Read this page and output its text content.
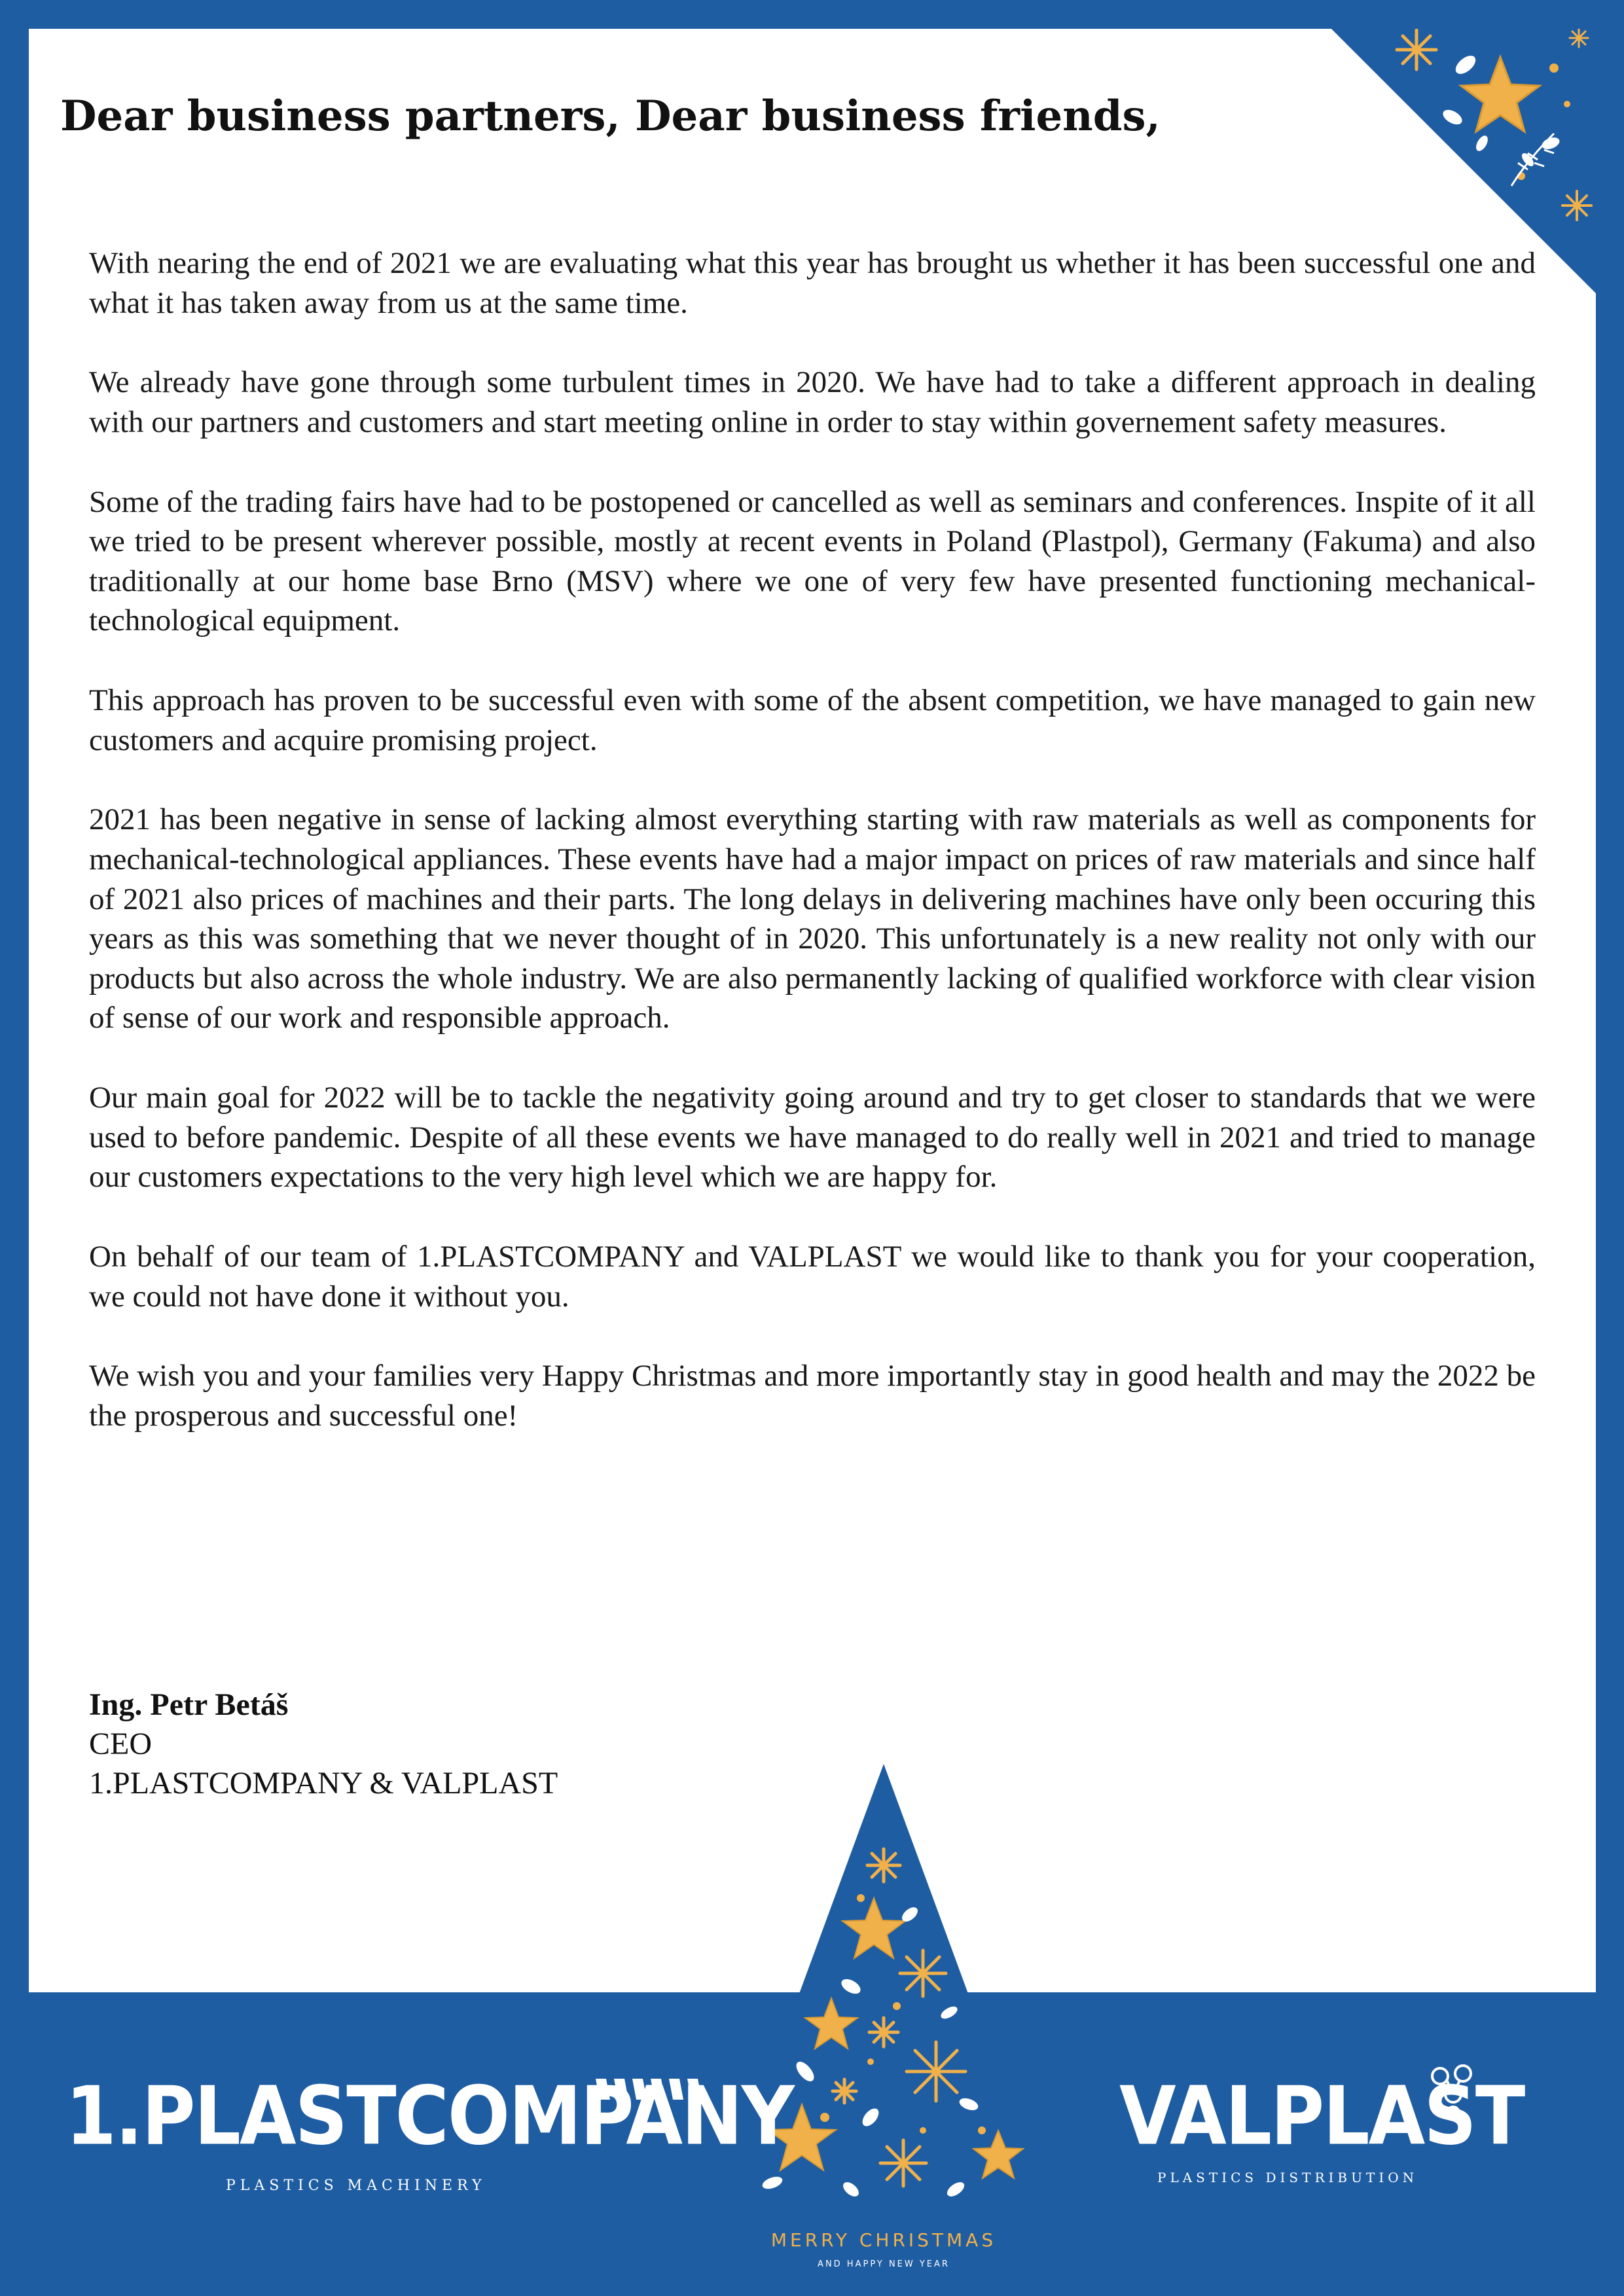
Dear business partners, Dear business friends,

With nearing the end of 2021 we are evaluating what this year has brought us whether it has been successful one and what it has taken away from us at the same time.

We already have gone through some turbulent times in 2020. We have had to take a different approach in dealing with our partners and customers and start meeting online in order to stay within governement safety measures.

Some of the trading fairs have had to be postopened or cancelled as well as seminars and conferences. Inspite of it all we tried to be present wherever possible, mostly at recent events in Poland (Plastpol), Germany (Fakuma) and also traditionally at our home base Brno (MSV) where we one of very few have presented functioning mechanical-technological equipment.

This approach has proven to be successful even with some of the absent competition, we have managed to gain new customers and acquire promising project.

2021 has been negative in sense of lacking almost everything starting with raw materials as well as components for mechanical-technological appliances. These events have had a major impact on prices of raw materials and since half of 2021 also prices of machines and their parts. The long delays in delivering machines have only been occuring this years as this was something that we never thought of in 2020. This unfortunately is a new reality not only with our products but also across the whole industry. We are also permanently lacking of qualified workforce with clear vision of sense of our work and responsible approach.

Our main goal for 2022 will be to tackle the negativity going around and try to get closer to standards that we were used to before pandemic. Despite of all these events we have managed to do really well in 2021 and tried to manage our customers expectations to the very high level which we are happy for.

On behalf of our team of 1.PLASTCOMPANY and VALPLAST we would like to thank you for your cooperation, we could not have done it without you.

We wish you and your families very Happy Christmas and more importantly stay in good health and may the 2022 be the prosperous and successful one!

Ing. Petr Betáš
CEO
1.PLASTCOMPANY & VALPLAST
MERRY CHRISTMAS
AND HAPPY NEW YEAR
1.PLASTCOMPANY
PLASTICS MACHINERY
VALPLAST
PLASTICS DISTRIBUTION
